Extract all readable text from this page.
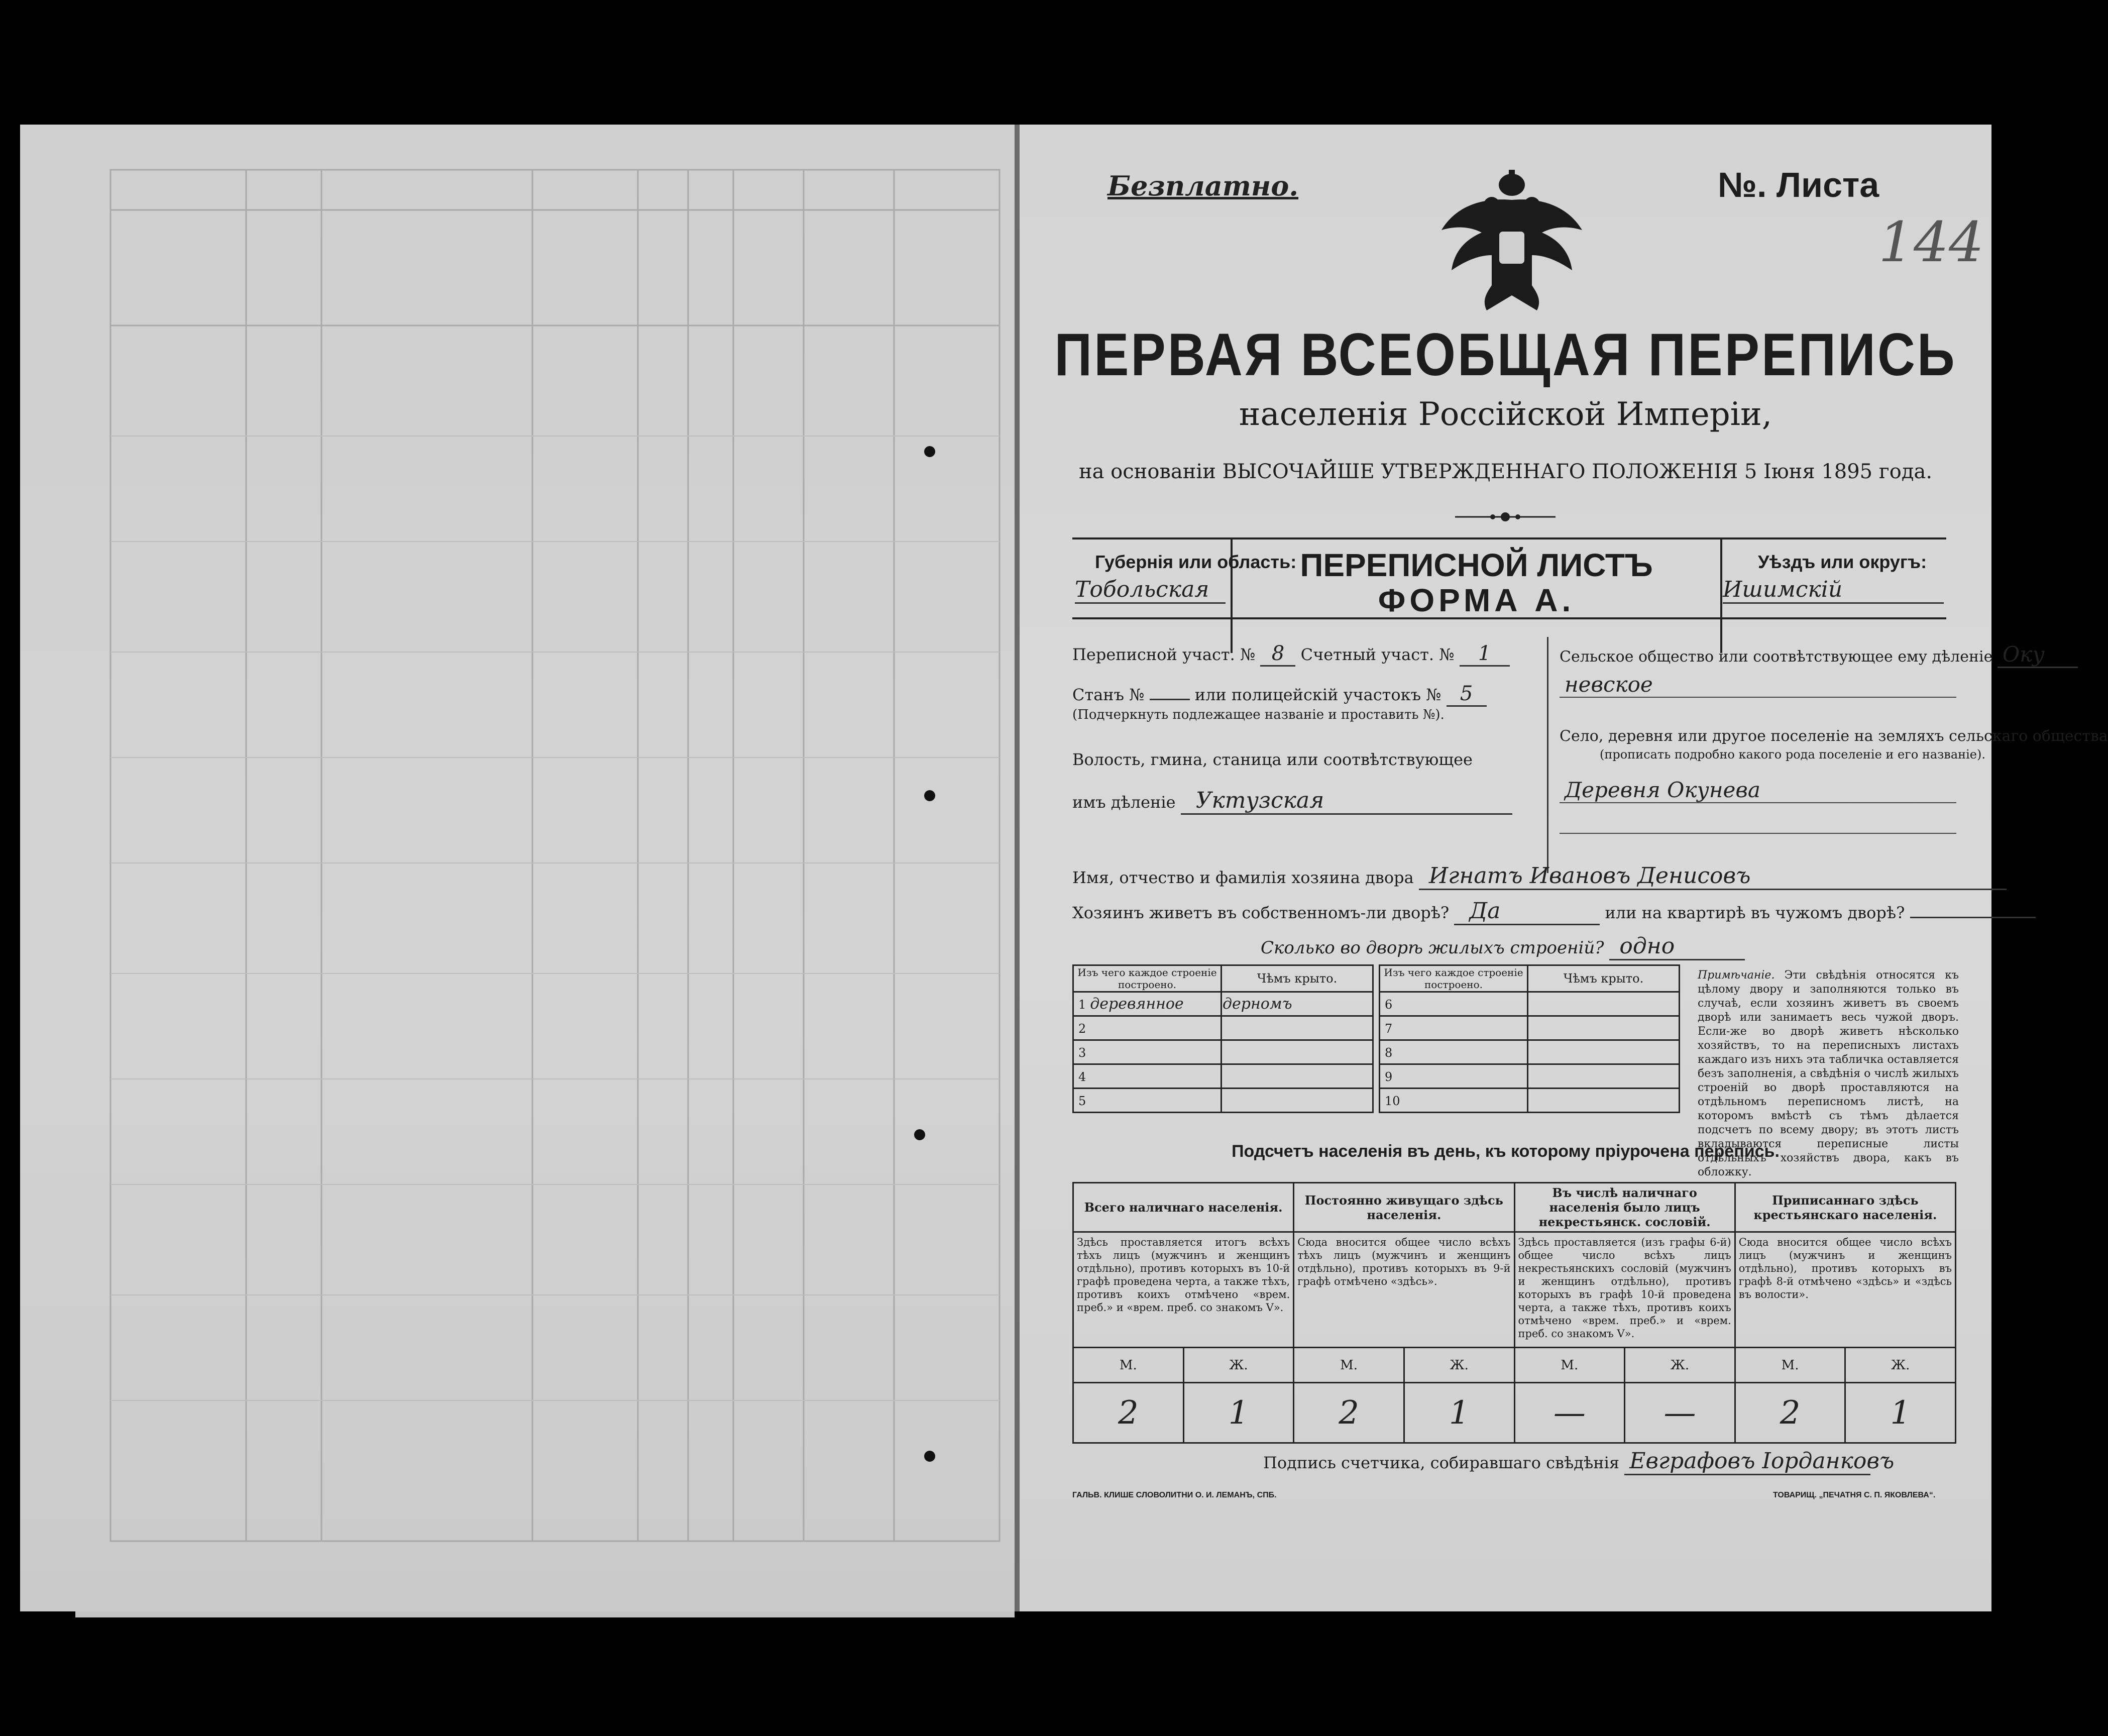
Безплатно.	№. Листа
144
ПЕРВАЯ ВСЕОБЩАЯ ПЕРЕПИСЬ
населенія Россійской Имперіи,
на основаніи ВЫСОЧАЙШЕ УТВЕРЖДЕННАГО ПОЛОЖЕНІЯ 5 Іюня 1895 года.
Губернія или область:
Тобольская
ПЕРЕПИСНОЙ ЛИСТЪ
ФОРМА А.
Уѣздъ или округъ:
Ишимскій
Переписной участ. № 8 Счетный участ. № 1
Станъ №	или полицейскій участокъ № 5
(Подчеркнуть подлежащее названіе и проставить №).
Волость, гмина, станица или соотвѣтствующее
имъ дѣленіе Уктузская
Сельское общество или соотвѣтствующее ему дѣленіе Оку
невское
Село, деревня или другое поселеніе на земляхъ сельскаго общества
(прописать подробно какого рода поселеніе и его названіе).
Деревня Окунева
Имя, отчество и фамилія хозяина двора Игнатъ Ивановъ Денисовъ
Хозяинъ живетъ въ собственномъ-ли дворѣ? Да	или на квартирѣ въ чужомъ дворѣ?
Сколько во дворѣ жилыхъ строеній? одно
Изъ чего каждое строеніе построено.	Чѣмъ крыто.
1 деревянное	дерномъ
2	
3	
4	
5	
Изъ чего каждое строеніе построено.	Чѣмъ крыто.
6	
7	
8	
9	
10	
Примѣчаніе. Эти свѣдѣнія относятся къ цѣлому двору и заполняются только въ случаѣ, если хозяинъ живетъ въ своемъ дворѣ или занимаетъ весь чужой дворъ. Если-же во дворѣ живетъ нѣсколько хозяйствъ, то на переписныхъ листахъ каждаго изъ нихъ эта табличка оставляется безъ заполненія, а свѣдѣнія о числѣ жилыхъ строеній во дворѣ проставляются на отдѣльномъ переписномъ листѣ, на которомъ вмѣстѣ съ тѣмъ дѣлается подсчетъ по всему двору; въ этотъ листъ вкладываются переписные листы отдѣльныхъ хозяйствъ двора, какъ въ обложку.
Подсчетъ населенія въ день, къ которому пріурочена перепись.
Всего наличнаго населенія.		Постоянно живущаго здѣсь населенія.		Въ числѣ наличнаго населенія было лицъ некрестьянск. сословій.		Приписаннаго здѣсь крестьянскаго населенія.	
Здѣсь проставляется итогъ всѣхъ тѣхъ лицъ (мужчинъ и женщинъ отдѣльно), противъ которыхъ въ 10-й графѣ проведена черта, а также тѣхъ, противъ коихъ отмѣчено «врем. преб.» и «врем. преб. со знакомъ V».		Сюда вносится общее число всѣхъ тѣхъ лицъ (мужчинъ и женщинъ отдѣльно), противъ которыхъ въ 9-й графѣ отмѣчено «здѣсь».		Здѣсь проставляется (изъ графы 6-й) общее число всѣхъ лицъ некрестьянскихъ сословій (мужчинъ и женщинъ отдѣльно), противъ которыхъ въ графѣ 10-й проведена черта, а также тѣхъ, противъ коихъ отмѣчено «врем. преб.» и «врем. преб. со знакомъ V».		Сюда вносится общее число всѣхъ лицъ (мужчинъ и женщинъ отдѣльно), противъ которыхъ въ графѣ 8-й отмѣчено «здѣсь» и «здѣсь въ волости».	
М.	Ж.	М.	Ж.	М.	Ж.	М.	Ж.
2	1	2	1	—	—	2	1
Подпись счетчика, собиравшаго свѣдѣнія Евграфовъ Іорданковъ
ГАЛЬВ. КЛИШЕ СЛОВОЛИТНИ О. И. ЛЕМАНЪ, СПБ.	ТОВАРИЩ. „ПЕЧАТНЯ С. П. ЯКОВЛЕВА“.
